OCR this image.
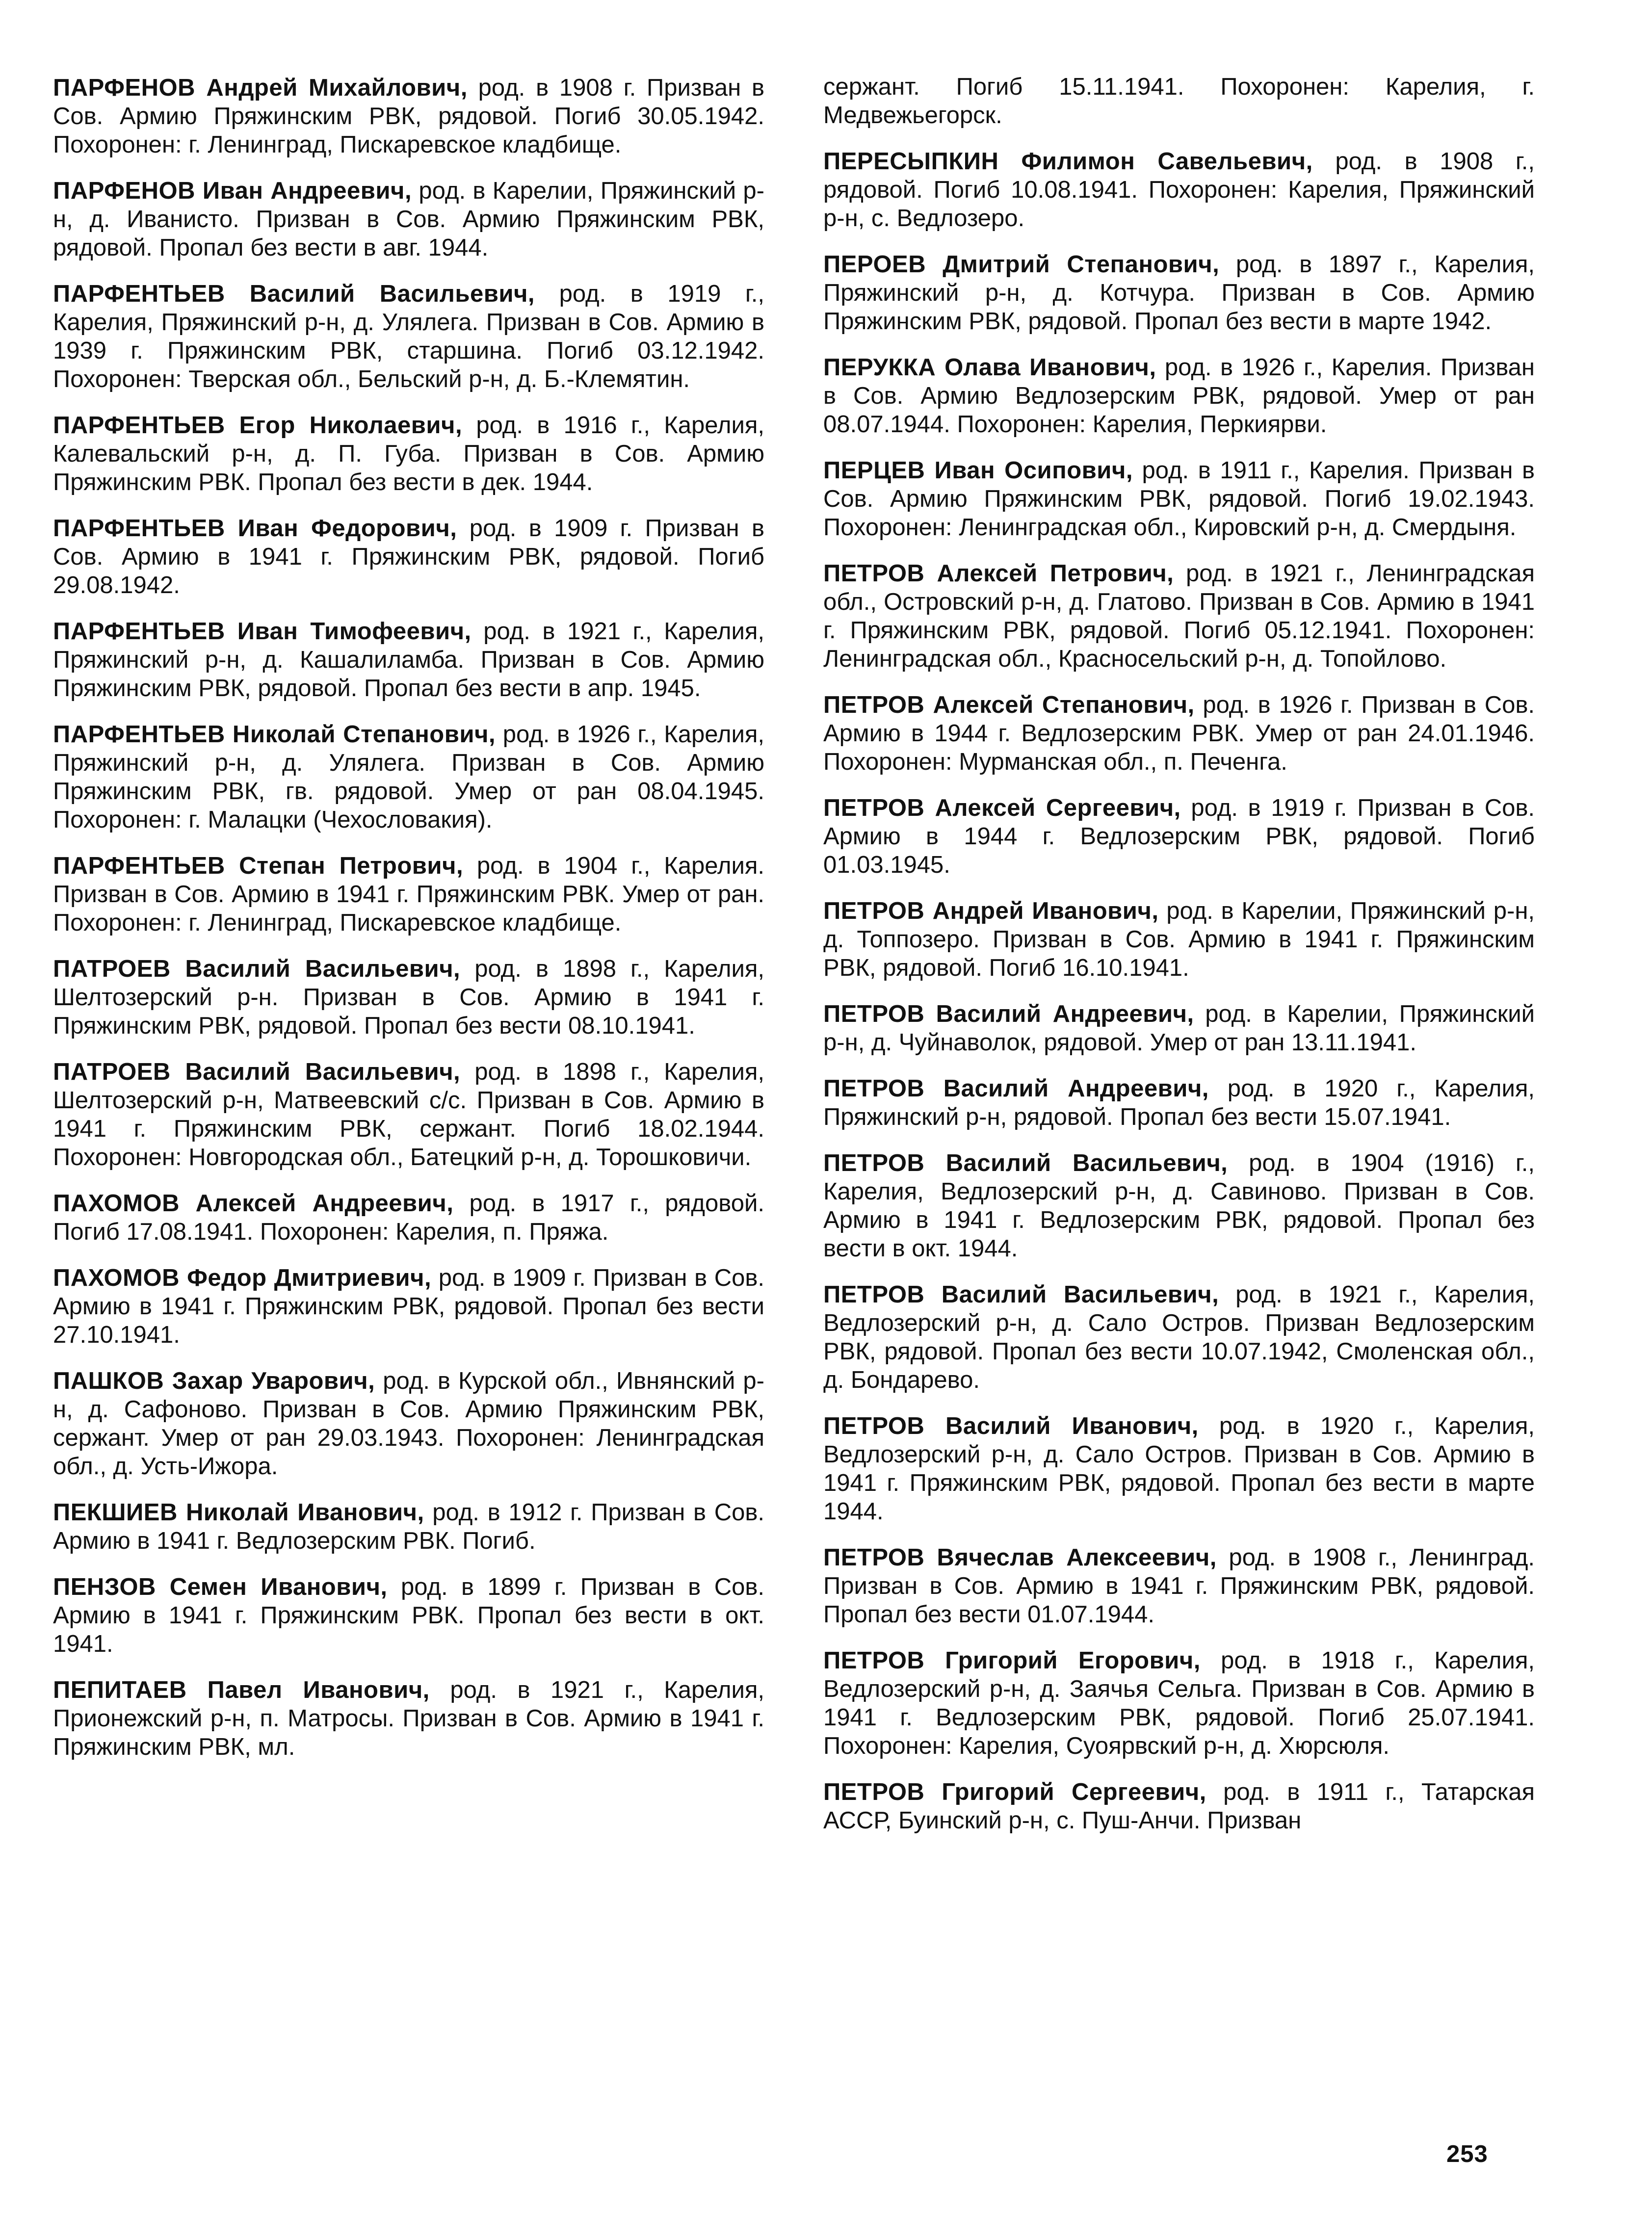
ПАРФЕНОВ Андрей Михайлович, род. в 1908 г. Призван в Сов. Армию Пряжинским РВК, рядовой. Погиб 30.05.1942. Похоронен: г. Ленинград, Пискаревское кладбище.

ПАРФЕНОВ Иван Андреевич, род. в Карелии, Пряжинский р-н, д. Иванисто. Призван в Сов. Армию Пряжинским РВК, рядовой. Пропал без вести в авг. 1944.

ПАРФЕНТЬЕВ Василий Васильевич, род. в 1919 г., Карелия, Пряжинский р-н, д. Улялега. Призван в Сов. Армию в 1939 г. Пряжинским РВК, старшина. Погиб 03.12.1942. Похоронен: Тверская обл., Бельский р-н, д. Б.-Клемятин.

ПАРФЕНТЬЕВ Егор Николаевич, род. в 1916 г., Карелия, Калевальский р-н, д. П. Губа. Призван в Сов. Армию Пряжинским РВК. Пропал без вести в дек. 1944.

ПАРФЕНТЬЕВ Иван Федорович, род. в 1909 г. Призван в Сов. Армию в 1941 г. Пряжинским РВК, рядовой. Погиб 29.08.1942.

ПАРФЕНТЬЕВ Иван Тимофеевич, род. в 1921 г., Карелия, Пряжинский р-н, д. Кашалиламба. Призван в Сов. Армию Пряжинским РВК, рядовой. Пропал без вести в апр. 1945.

ПАРФЕНТЬЕВ Николай Степанович, род. в 1926 г., Карелия, Пряжинский р-н, д. Улялега. Призван в Сов. Армию Пряжинским РВК, гв. рядовой. Умер от ран 08.04.1945. Похоронен: г. Малацки (Чехословакия).

ПАРФЕНТЬЕВ Степан Петрович, род. в 1904 г., Карелия. Призван в Сов. Армию в 1941 г. Пряжинским РВК. Умер от ран. Похоронен: г. Ленинград, Пискаревское кладбище.

ПАТРОЕВ Василий Васильевич, род. в 1898 г., Карелия, Шелтозерский р-н. Призван в Сов. Армию в 1941 г. Пряжинским РВК, рядовой. Пропал без вести 08.10.1941.

ПАТРОЕВ Василий Васильевич, род. в 1898 г., Карелия, Шелтозерский р-н, Матвеевский с/с. Призван в Сов. Армию в 1941 г. Пряжинским РВК, сержант. Погиб 18.02.1944. Похоронен: Новгородская обл., Батецкий р-н, д. Торошковичи.

ПАХОМОВ Алексей Андреевич, род. в 1917 г., рядовой. Погиб 17.08.1941. Похоронен: Карелия, п. Пряжа.

ПАХОМОВ Федор Дмитриевич, род. в 1909 г. Призван в Сов. Армию в 1941 г. Пряжинским РВК, рядовой. Пропал без вести 27.10.1941.

ПАШКОВ Захар Уварович, род. в Курской обл., Ивнянский р-н, д. Сафоново. Призван в Сов. Армию Пряжинским РВК, сержант. Умер от ран 29.03.1943. Похоронен: Ленинградская обл., д. Усть-Ижора.

ПЕКШИЕВ Николай Иванович, род. в 1912 г. Призван в Сов. Армию в 1941 г. Ведлозерским РВК. Погиб.

ПЕНЗОВ Семен Иванович, род. в 1899 г. Призван в Сов. Армию в 1941 г. Пряжинским РВК. Пропал без вести в окт. 1941.

ПЕПИТАЕВ Павел Иванович, род. в 1921 г., Карелия, Прионежский р-н, п. Матросы. Призван в Сов. Армию в 1941 г. Пряжинским РВК, мл.

сержант. Погиб 15.11.1941. Похоронен: Карелия, г. Медвежьегорск.

ПЕРЕСЫПКИН Филимон Савельевич, род. в 1908 г., рядовой. Погиб 10.08.1941. Похоронен: Карелия, Пряжинский р-н, с. Ведлозеро.

ПЕРОЕВ Дмитрий Степанович, род. в 1897 г., Карелия, Пряжинский р-н, д. Котчура. Призван в Сов. Армию Пряжинским РВК, рядовой. Пропал без вести в марте 1942.

ПЕРУККА Олава Иванович, род. в 1926 г., Карелия. Призван в Сов. Армию Ведлозерским РВК, рядовой. Умер от ран 08.07.1944. Похоронен: Карелия, Перкиярви.

ПЕРЦЕВ Иван Осипович, род. в 1911 г., Карелия. Призван в Сов. Армию Пряжинским РВК, рядовой. Погиб 19.02.1943. Похоронен: Ленинградская обл., Кировский р-н, д. Смердыня.

ПЕТРОВ Алексей Петрович, род. в 1921 г., Ленинградская обл., Островский р-н, д. Глатово. Призван в Сов. Армию в 1941 г. Пряжинским РВК, рядовой. Погиб 05.12.1941. Похоронен: Ленинградская обл., Красносельский р-н, д. Топойлово.

ПЕТРОВ Алексей Степанович, род. в 1926 г. Призван в Сов. Армию в 1944 г. Ведлозерским РВК. Умер от ран 24.01.1946. Похоронен: Мурманская обл., п. Печенга.

ПЕТРОВ Алексей Сергеевич, род. в 1919 г. Призван в Сов. Армию в 1944 г. Ведлозерским РВК, рядовой. Погиб 01.03.1945.

ПЕТРОВ Андрей Иванович, род. в Карелии, Пряжинский р-н, д. Топпозеро. Призван в Сов. Армию в 1941 г. Пряжинским РВК, рядовой. Погиб 16.10.1941.

ПЕТРОВ Василий Андреевич, род. в Карелии, Пряжинский р-н, д. Чуйнаволок, рядовой. Умер от ран 13.11.1941.

ПЕТРОВ Василий Андреевич, род. в 1920 г., Карелия, Пряжинский р-н, рядовой. Пропал без вести 15.07.1941.

ПЕТРОВ Василий Васильевич, род. в 1904 (1916) г., Карелия, Ведлозерский р-н, д. Савиново. Призван в Сов. Армию в 1941 г. Ведлозерским РВК, рядовой. Пропал без вести в окт. 1944.

ПЕТРОВ Василий Васильевич, род. в 1921 г., Карелия, Ведлозерский р-н, д. Сало Остров. Призван Ведлозерским РВК, рядовой. Пропал без вести 10.07.1942, Смоленская обл., д. Бондарево.

ПЕТРОВ Василий Иванович, род. в 1920 г., Карелия, Ведлозерский р-н, д. Сало Остров. Призван в Сов. Армию в 1941 г. Пряжинским РВК, рядовой. Пропал без вести в марте 1944.

ПЕТРОВ Вячеслав Алексеевич, род. в 1908 г., Ленинград. Призван в Сов. Армию в 1941 г. Пряжинским РВК, рядовой. Пропал без вести 01.07.1944.

ПЕТРОВ Григорий Егорович, род. в 1918 г., Карелия, Ведлозерский р-н, д. Заячья Сельга. Призван в Сов. Армию в 1941 г. Ведлозерским РВК, рядовой. Погиб 25.07.1941. Похоронен: Карелия, Суоярвский р-н, д. Хюрсюля.

ПЕТРОВ Григорий Сергеевич, род. в 1911 г., Татарская АССР, Буинский р-н, с. Пуш-Анчи. Призван

253
